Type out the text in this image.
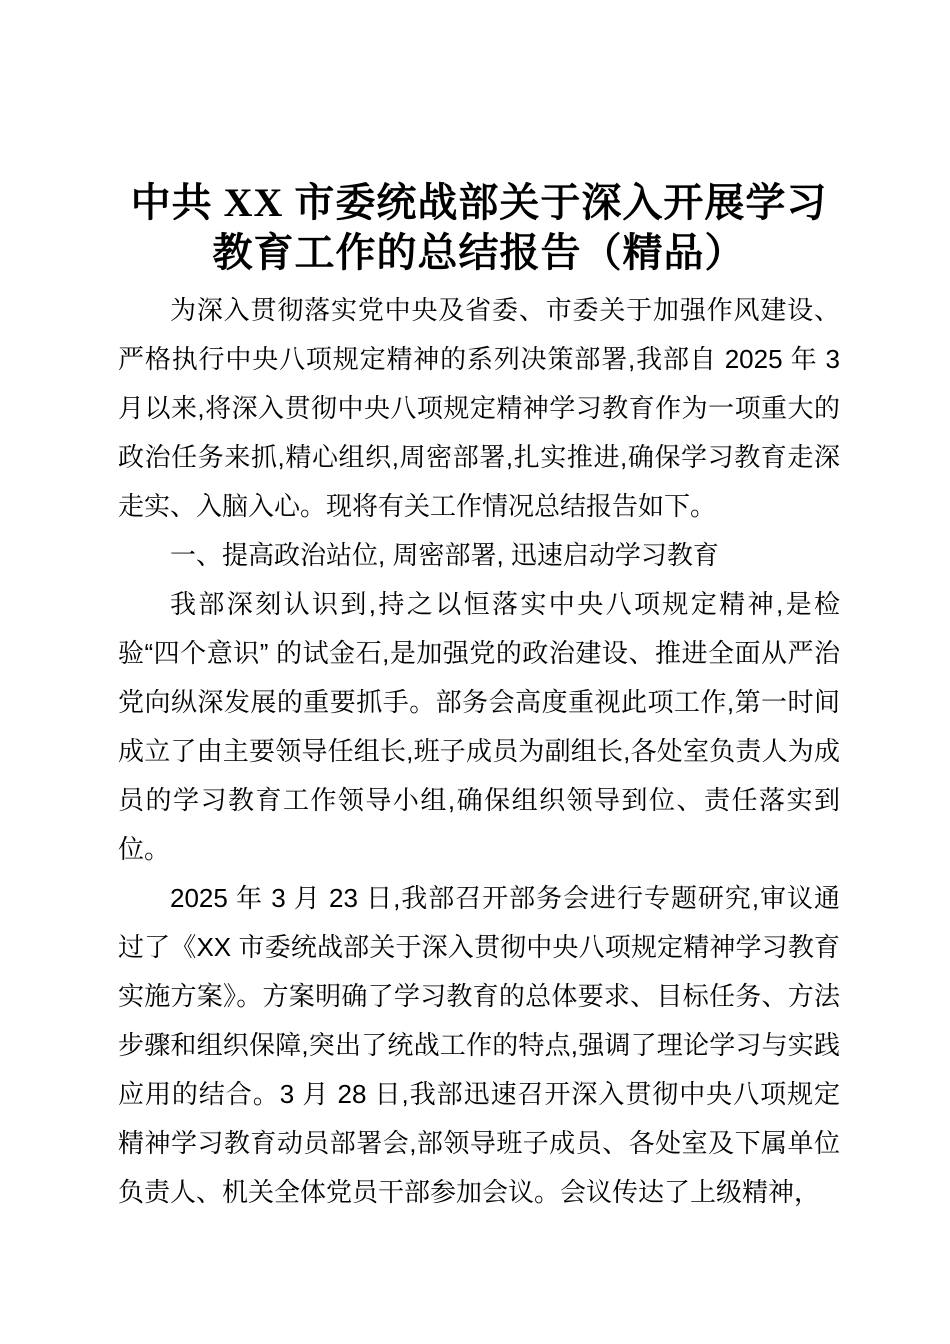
中共 XX 市委统战部关于深入开展学习
教育工作的总结报告（精品）

为深入贯彻落实党中央及省委、市委关于加强作风建设、严格执行中央八项规定精神的系列决策部署,我部自 2025 年 3 月以来,将深入贯彻中央八项规定精神学习教育作为一项重大的政治任务来抓,精心组织,周密部署,扎实推进,确保学习教育走深走实、入脑入心。现将有关工作情况总结报告如下。

一、提高政治站位, 周密部署, 迅速启动学习教育

我部深刻认识到,持之以恒落实中央八项规定精神,是检验“四个意识” 的试金石,是加强党的政治建设、推进全面从严治党向纵深发展的重要抓手。部务会高度重视此项工作,第一时间成立了由主要领导任组长,班子成员为副组长,各处室负责人为成员的学习教育工作领导小组,确保组织领导到位、责任落实到位。

2025 年 3 月 23 日,我部召开部务会进行专题研究,审议通过了《XX 市委统战部关于深入贯彻中央八项规定精神学习教育实施方案》。方案明确了学习教育的总体要求、目标任务、方法步骤和组织保障,突出了统战工作的特点,强调了理论学习与实践应用的结合。3 月 28 日,我部迅速召开深入贯彻中央八项规定精神学习教育动员部署会,部领导班子成员、各处室及下属单位负责人、机关全体党员干部参加会议。会议传达了上级精神，
